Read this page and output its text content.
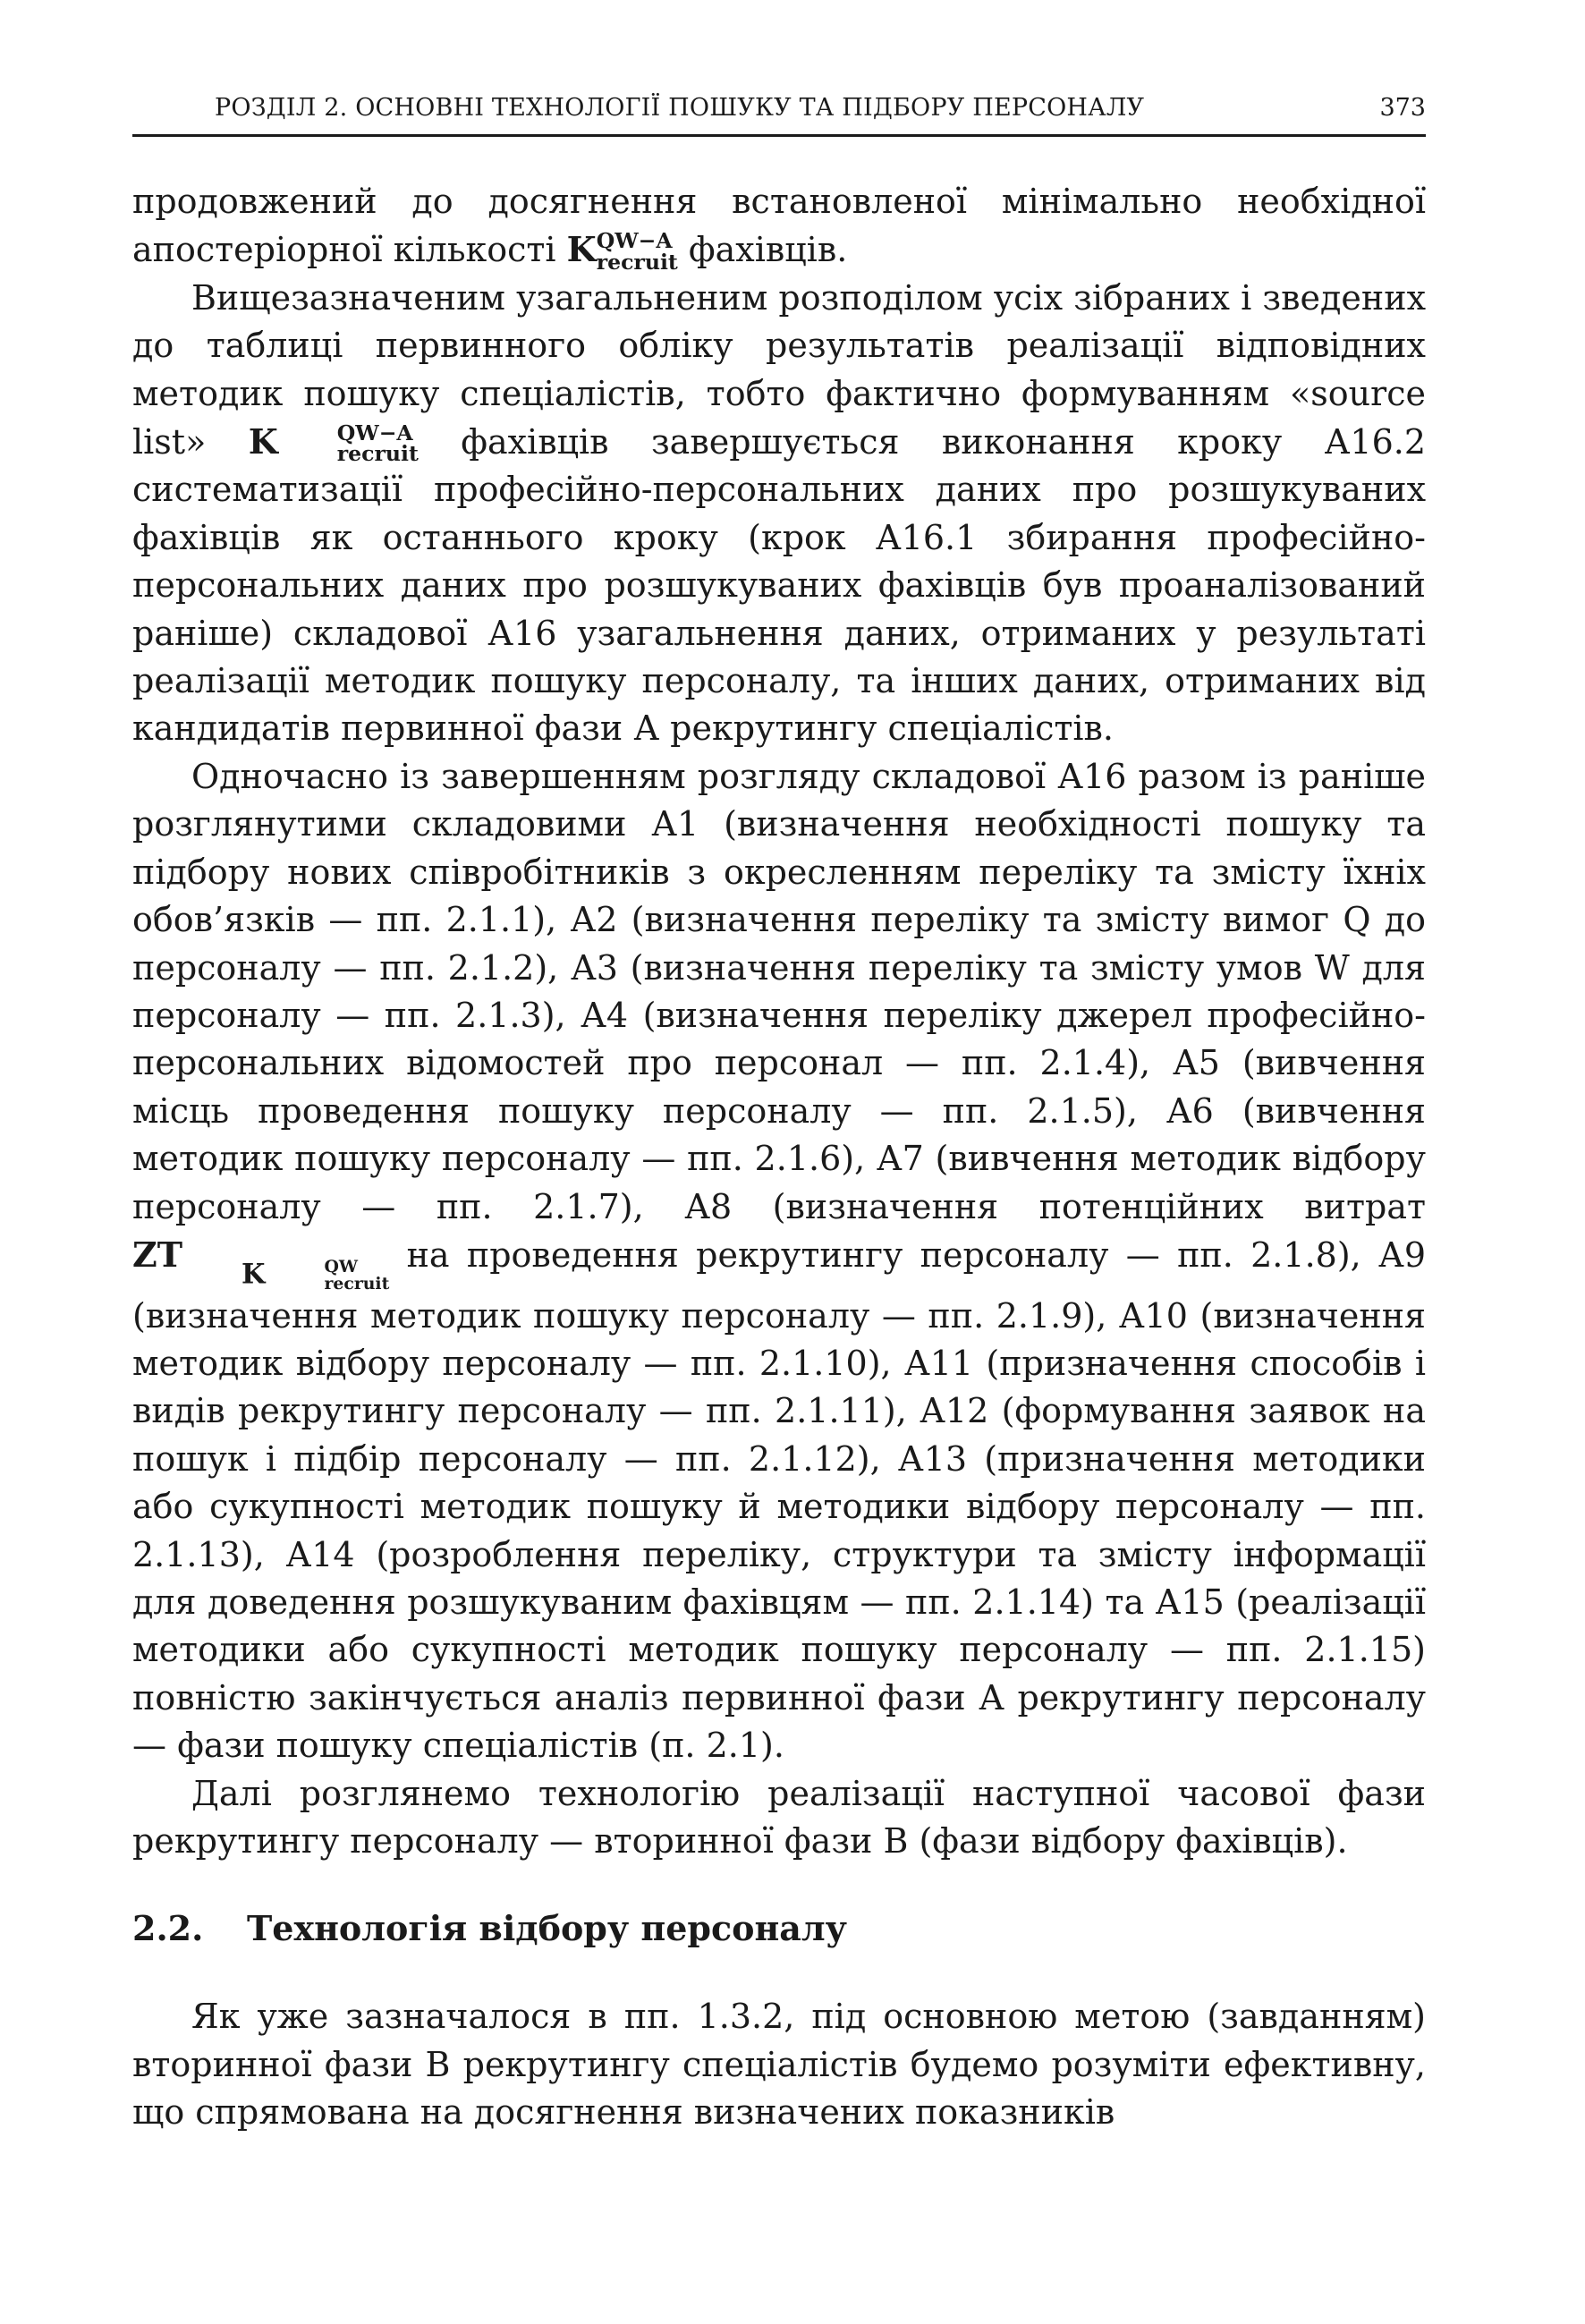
РОЗДІЛ 2. ОСНОВНІ ТЕХНОЛОГІЇ ПОШУКУ ТА ПІДБОРУ ПЕРСОНАЛУ	373

продовжений до досягнення встановленої мінімально необхідної апостеріорної кількості K QW−A
recruit фахівців.

Вищезазначеним узагальненим розподілом усіх зібраних і зведених до таблиці первинного обліку результатів реалізації відповідних методик пошуку спеціалістів, тобто фактично формуванням «source list» K	QW−A
recruit фахівців завершується виконання кроку А16.2 систематизації професійно-персональних даних про розшукуваних фахівців як останнього кроку (крок А16.1 збирання професійно-персональних даних про розшукуваних фахівців був проаналізований раніше) складової А16 узагальнення даних, отриманих у результаті реалізації методик пошуку персоналу, та інших даних, отриманих від кандидатів первинної фази А рекрутингу спеціалістів.

Одночасно із завершенням розгляду складової А16 разом із раніше розглянутими складовими А1 (визначення необхідності пошуку та підбору нових співробітників з окресленням переліку та змісту їхніх обов’язків — пп. 2.1.1), А2 (визначення переліку та змісту вимог Q до персоналу — пп. 2.1.2), А3 (визначення переліку та змісту умов W для персоналу — пп. 2.1.3), А4 (визначення переліку джерел професійно-персональних відомостей про персонал — пп. 2.1.4), А5 (вивчення місць проведення пошуку персоналу — пп. 2.1.5), А6 (вивчення методик пошуку персоналу — пп. 2.1.6), А7 (вивчення методик відбору персоналу — пп. 2.1.7), А8 (визначення потенційних витрат ZT K	QW
recruit
на проведення рекрутингу персоналу — пп. 2.1.8), А9 (визначення методик пошуку персоналу — пп. 2.1.9), А10 (визначення методик відбору персоналу — пп. 2.1.10), А11 (призначення способів і видів рекрутингу персоналу — пп. 2.1.11), А12 (формування заявок на пошук і підбір персоналу — пп. 2.1.12), А13 (призначення методики або сукупності методик пошуку й методики відбору персоналу — пп. 2.1.13), А14 (розроблення переліку, структури та змісту інформації для доведення розшукуваним фахівцям — пп. 2.1.14) та А15 (реалізації методики або сукупності методик пошуку персоналу — пп. 2.1.15) повністю закінчується аналіз первинної фази А рекрутингу персоналу — фази пошуку спеціалістів (п. 2.1).

Далі розглянемо технологію реалізації наступної часової фази рекрутингу персоналу — вторинної фази В (фази відбору фахівців).

2.2. Технологія відбору персоналу

Як уже зазначалося в пп. 1.3.2, під основною метою (завданням) вторинної фази В рекрутингу спеціалістів будемо розуміти ефективну, що спрямована на досягнення визначених показників
